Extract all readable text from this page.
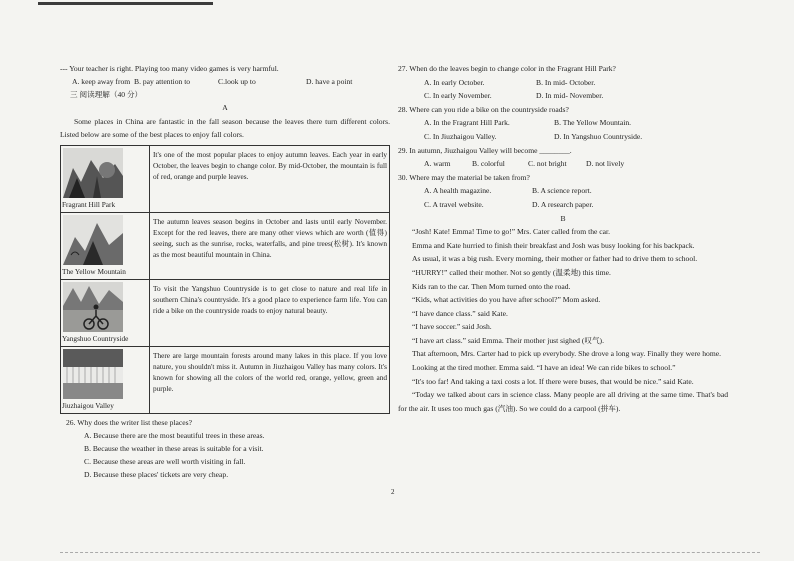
--- Your teacher is right. Playing too many video games is very harmful.
A. keep away from B. pay attention to	C.look up to	D. have a point
三 阅读理解（40 分）
A
Some places in China are fantastic in the fall season because the leaves there turn different colors. Listed below are some of the best places to enjoy fall colors.
Fragrant Hill Park	It's one of the most popular places to enjoy autumn leaves. Each year in early October, the leaves begin to change color. By mid-October, the mountain is full of red, orange and purple leaves.

The Yellow Mountain	The autumn leaves season begins in October and lasts until early November. Except for the red leaves, there are many other views which are worth (值得) seeing, such as the sunrise, rocks, waterfalls, and pine trees(松树). It's known as the most beautiful mountain in China.

Yangshuo Countryside	To visit the Yangshuo Countryside is to get close to nature and real life in southern China's countryside. It's a good place to experience farm life. You can ride a bike on the countryside roads to enjoy natural beauty.

Jiuzhaigou Valley	There are large mountain forests around many lakes in this place. If you love nature, you shouldn't miss it. Autumn in Jiuzhaigou Valley has many colors. It's known for showing all the colors of the world red, orange, yellow, green and purple.
26. Why does the writer list these places?
A. Because there are the most beautiful trees in these areas.
B. Because the weather in these areas is suitable for a visit.
C. Because these areas are well worth visiting in fall.
D. Because these places' tickets are very cheap.
27. When do the leaves begin to change color in the Fragrant Hill Park?
A. In early October.	B. In mid- October.
C. In early November.	D. In mid- November.
28. Where can you ride a bike on the countryside roads?
A. In the Fragrant Hill Park.	B. The Yellow Mountain.
C. In Jiuzhaigou Valley.	D. In Yangshuo Countryside.
29. In autumn, Jiuzhaigou Valley will become ________.
A. warm	B. colorful	C. not bright	D. not lively
30. Where may the material be taken from?
A. A health magazine.	B. A science report.
C. A travel website.	D. A research paper.
B
“Josh! Kate! Emma! Time to go!” Mrs. Cater called from the car.
Emma and Kate hurried to finish their breakfast and Josh was busy looking for his backpack.
As usual, it was a big rush. Every morning, their mother or father had to drive them to school.
“HURRY!” called their mother. Not so gently (温柔地) this time.
Kids ran to the car. Then Mom turned onto the road.
“Kids, what activities do you have after school?” Mom asked.
“I have dance class.” said Kate.
“I have soccer.” said Josh.
“I have art class.” said Emma. Their mother just sighed (叹气).
That afternoon, Mrs. Carter had to pick up everybody. She drove a long way. Finally they were home.
Looking at the tired mother. Emma said. “I have an idea! We can ride bikes to school.”
“It's too far! And taking a taxi costs a lot. If there were buses, that would be nice.” said Kate.
“Today we talked about cars in science class. Many people are all driving at the same time. That's bad for the air. It uses too much gas (汽油). So we could do a carpool (拼车).
2
